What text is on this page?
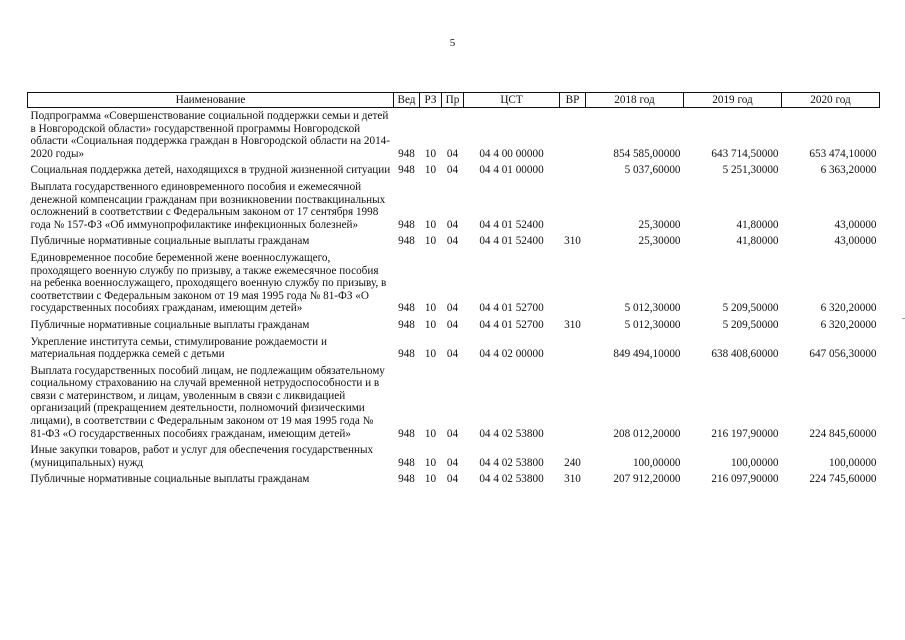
5
Наименование	Вед	РЗ	Пр	ЦСТ	ВР	2018 год	2019 год	2020 год
Подпрограмма «Совершенствование социальной поддержки семьи и детей в Новгородской области» государственной программы Новгородской области «Социальная поддержка граждан в Новгородской области на 2014-2020 годы»	948	10	04	04 4 00 00000		854 585,00000	643 714,50000	653 474,10000
Социальная поддержка детей, находящихся в трудной жизненной ситуации	948	10	04	04 4 01 00000		5 037,60000	5 251,30000	6 363,20000
Выплата государственного единовременного пособия и ежемесячной денежной компенсации гражданам при возникновении поствакцинальных осложнений в соответствии с Федеральным законом от 17 сентября 1998 года № 157-ФЗ «Об иммунопрофилактике инфекционных болезней»	948	10	04	04 4 01 52400		25,30000	41,80000	43,00000
Публичные нормативные социальные выплаты гражданам	948	10	04	04 4 01 52400	310	25,30000	41,80000	43,00000
Единовременное пособие беременной жене военнослужащего, проходящего военную службу по призыву, а также ежемесячное пособия на ребенка военнослужащего, проходящего военную службу по призыву, в соответствии с Федеральным законом от 19 мая 1995 года № 81-ФЗ «О государственных пособиях гражданам, имеющим детей»	948	10	04	04 4 01 52700		5 012,30000	5 209,50000	6 320,20000
Публичные нормативные социальные выплаты гражданам	948	10	04	04 4 01 52700	310	5 012,30000	5 209,50000	6 320,20000
Укрепление института семьи, стимулирование рождаемости и материальная поддержка семей с детьми	948	10	04	04 4 02 00000		849 494,10000	638 408,60000	647 056,30000
Выплата государственных пособий лицам, не подлежащим обязательному социальному страхованию на случай временной нетрудоспособности и в связи с материнством, и лицам, уволенным в связи с ликвидацией организаций (прекращением деятельности, полномочий физическими лицами), в соответствии с Федеральным законом от 19 мая 1995 года № 81-ФЗ «О государственных пособиях гражданам, имеющим детей»	948	10	04	04 4 02 53800		208 012,20000	216 197,90000	224 845,60000
Иные закупки товаров, работ и услуг для обеспечения государственных (муниципальных) нужд	948	10	04	04 4 02 53800	240	100,00000	100,00000	100,00000
Публичные нормативные социальные выплаты гражданам	948	10	04	04 4 02 53800	310	207 912,20000	216 097,90000	224 745,60000
